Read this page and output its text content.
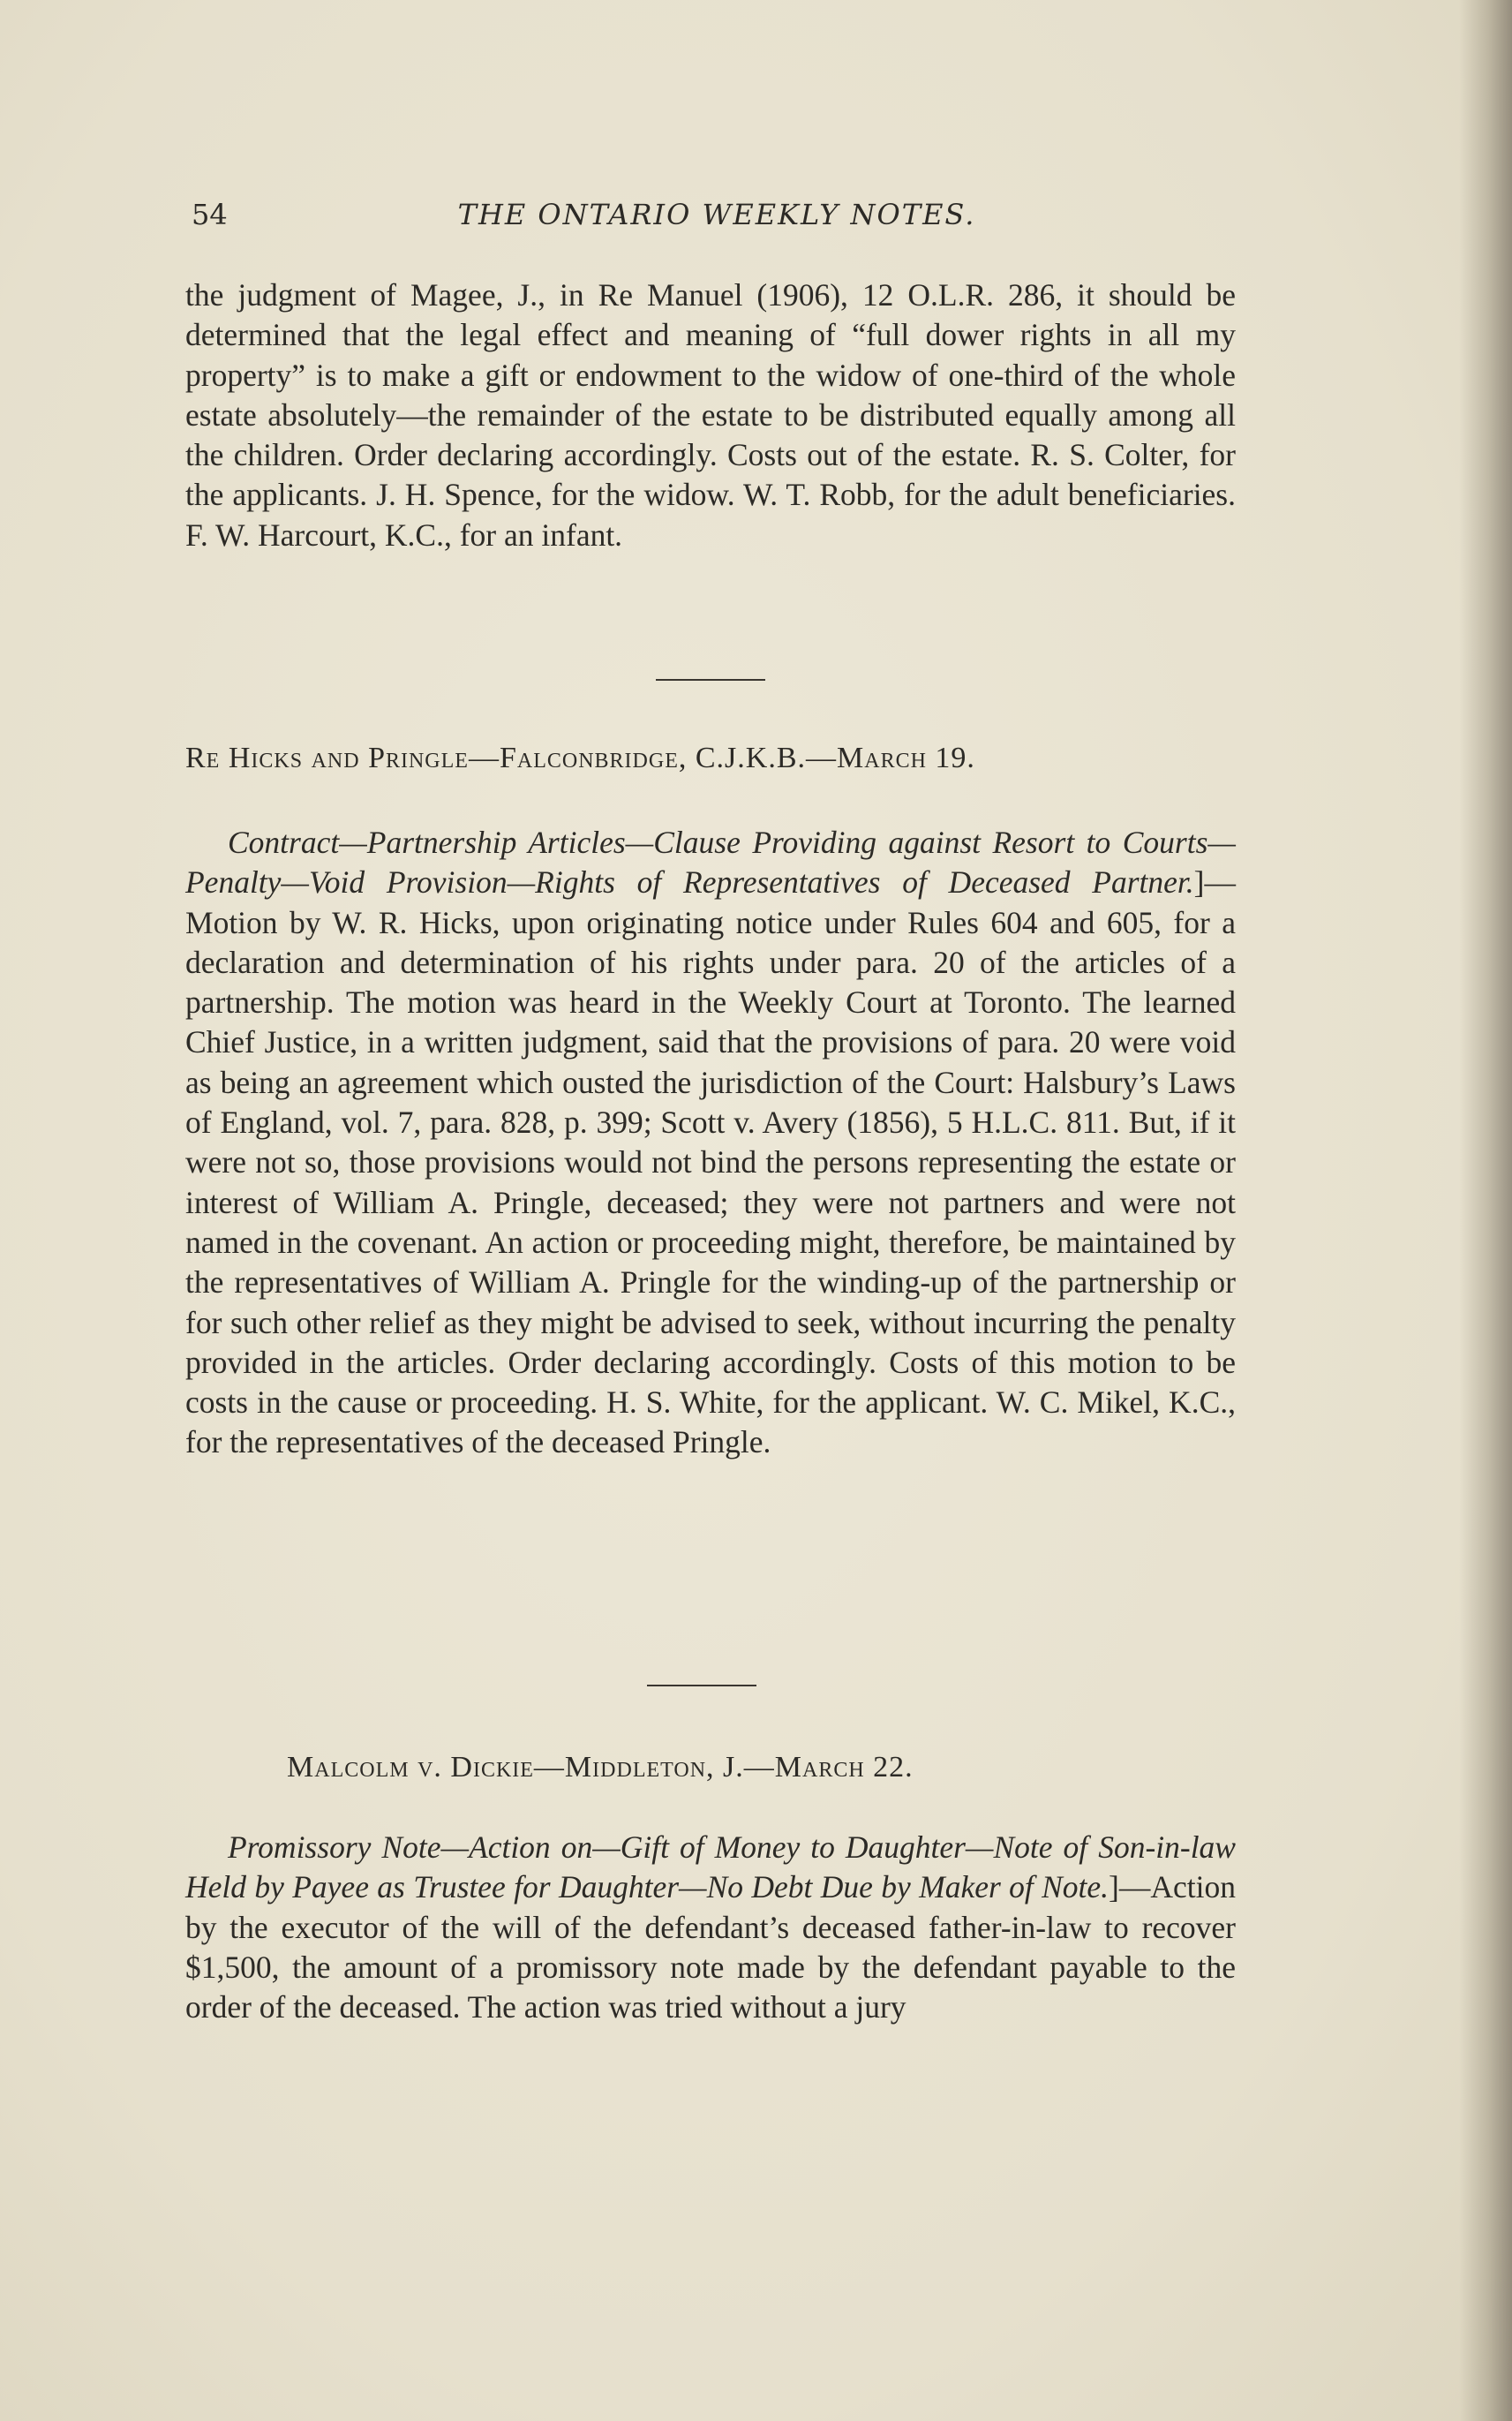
54	THE ONTARIO WEEKLY NOTES.

the judgment of Magee, J., in Re Manuel (1906), 12 O.L.R. 286, it should be determined that the legal effect and meaning of “full dower rights in all my property” is to make a gift or endowment to the widow of one-third of the whole estate absolutely—the remainder of the estate to be distributed equally among all the children. Order declaring accordingly. Costs out of the estate. R. S. Colter, for the applicants. J. H. Spence, for the widow. W. T. Robb, for the adult beneficiaries. F. W. Harcourt, K.C., for an infant.

Re Hicks and Pringle—Falconbridge, C.J.K.B.—March 19.

Contract—Partnership Articles—Clause Providing against Resort to Courts—Penalty—Void Provision—Rights of Representatives of Deceased Partner.]—Motion by W. R. Hicks, upon originating notice under Rules 604 and 605, for a declaration and determination of his rights under para. 20 of the articles of a partnership. The motion was heard in the Weekly Court at Toronto. The learned Chief Justice, in a written judgment, said that the provisions of para. 20 were void as being an agreement which ousted the jurisdiction of the Court: Halsbury’s Laws of England, vol. 7, para. 828, p. 399; Scott v. Avery (1856), 5 H.L.C. 811. But, if it were not so, those provisions would not bind the persons representing the estate or interest of William A. Pringle, deceased; they were not partners and were not named in the covenant. An action or proceeding might, therefore, be maintained by the representatives of William A. Pringle for the winding-up of the partnership or for such other relief as they might be advised to seek, without incurring the penalty provided in the articles. Order declaring accordingly. Costs of this motion to be costs in the cause or proceeding. H. S. White, for the applicant. W. C. Mikel, K.C., for the representatives of the deceased Pringle.

Malcolm v. Dickie—Middleton, J.—March 22.

Promissory Note—Action on—Gift of Money to Daughter—Note of Son-in-law Held by Payee as Trustee for Daughter—No Debt Due by Maker of Note.]—Action by the executor of the will of the defendant’s deceased father-in-law to recover $1,500, the amount of a promissory note made by the defendant payable to the order of the deceased. The action was tried without a jury
